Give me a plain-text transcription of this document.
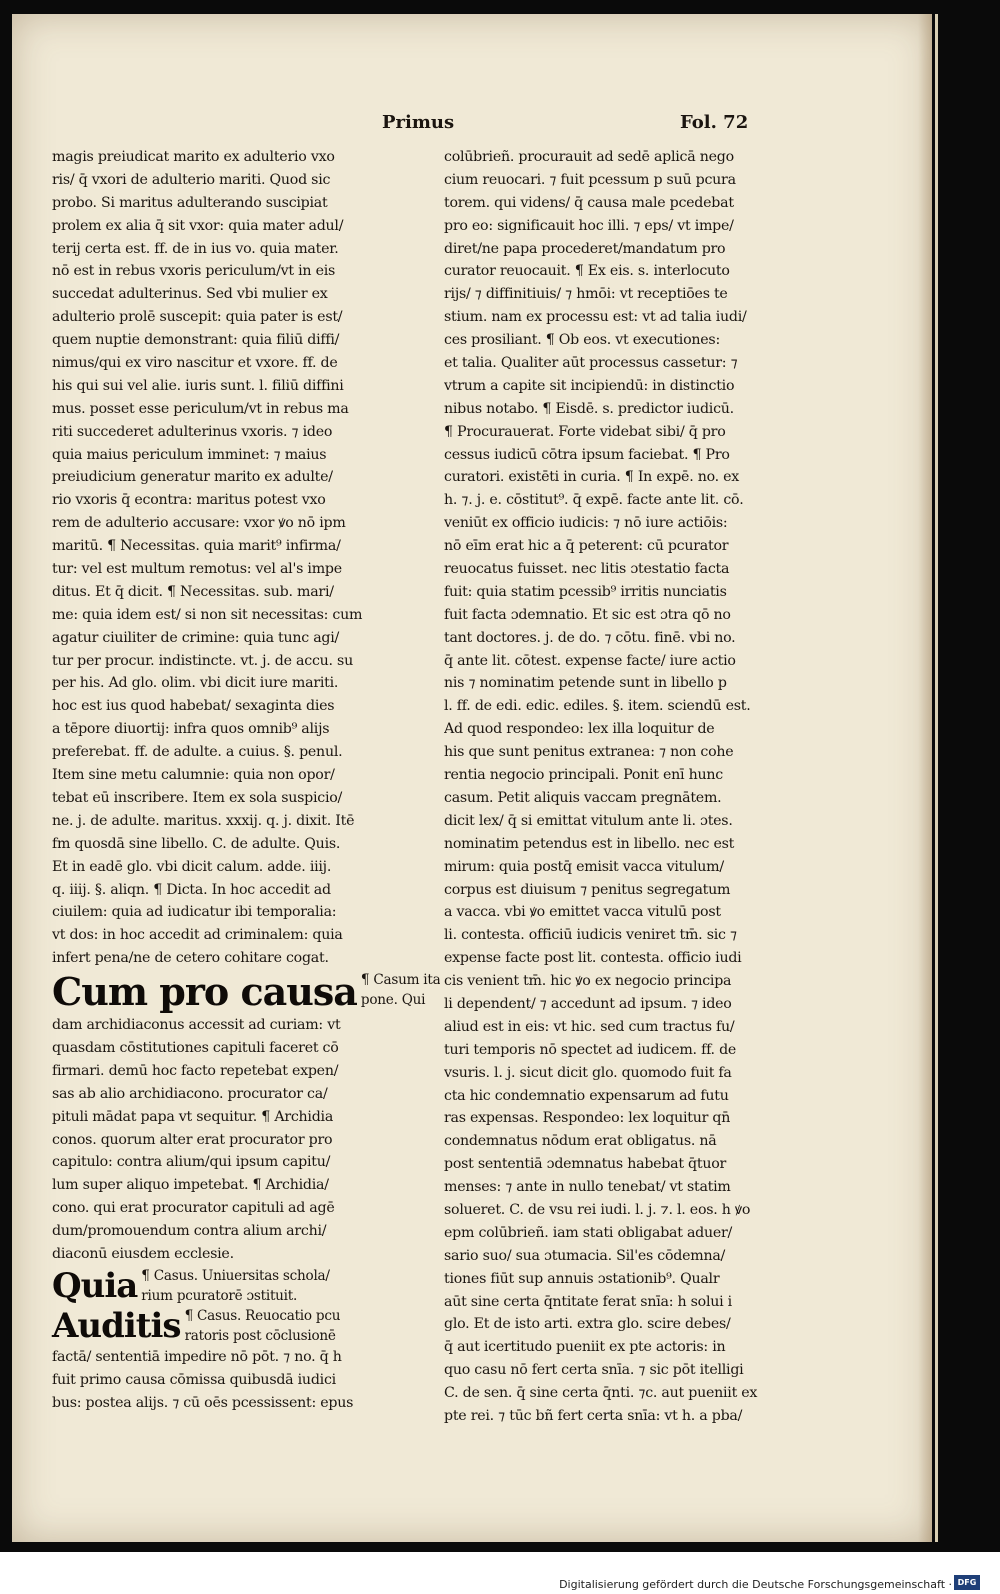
Primus	Fol. 72
magis preiudicat marito ex adulterio vxo
ris/ q̄ vxori de adulterio mariti. Quod sic
probo. Si maritus adulterando suscipiat
prolem ex alia q̄ sit vxor: quia mater adul/
terij certa est. ff. de in ius vo. quia mater.
nō est in rebus vxoris periculum/vt in eis
succedat adulterinus. Sed vbi mulier ex
adulterio prolē suscepit: quia pater is est/
quem nuptie demonstrant: quia filiū diffi/
nimus/qui ex viro nascitur et vxore. ff. de
his qui sui vel alie. iuris sunt. l. filiū diffini
mus. posset esse periculum/vt in rebus ma
riti succederet adulterinus vxoris. ⁊ ideo
quia maius periculum imminet: ⁊ maius
preiudicium generatur marito ex adulte/
rio vxoris q̄ econtra: maritus potest vxo
rem de adulterio accusare: vxor ꝟo nō ipm
maritū. ¶ Necessitas. quia marit⁹ infirma/
tur: vel est multum remotus: vel al's impe
ditus. Et q̄ dicit. ¶ Necessitas. sub. mari/
me: quia idem est/ si non sit necessitas: cum
agatur ciuiliter de crimine: quia tunc agi/
tur per procur. indistincte. vt. j. de accu. su
per his. Ad glo. olim. vbi dicit iure mariti.
hoc est ius quod habebat/ sexaginta dies
a tēpore diuortij: infra quos omnib⁹ alijs
preferebat. ff. de adulte. a cuius. §. penul.
Item sine metu calumnie: quia non opor/
tebat eū inscribere. Item ex sola suspicio/
ne. j. de adulte. maritus. xxxij. q. j. dixit. Itē
fm quosdā sine libello. C. de adulte. Quis.
Et in eadē glo. vbi dicit calum. adde. iiij.
q. iiij. §. aliqn. ¶ Dicta. In hoc accedit ad
ciuilem: quia ad iudicatur ibi temporalia:
vt dos: in hoc accedit ad criminalem: quia
infert pena/ne de cetero cohitare cogat.
Cum pro causa ¶ Casum ita
pone. Qui
dam archidiaconus accessit ad curiam: vt
quasdam cōstitutiones capituli faceret cō
firmari. demū hoc facto repetebat expen/
sas ab alio archidiacono. procurator ca/
pituli mādat papa vt sequitur. ¶ Archidia
conos. quorum alter erat procurator pro
capitulo: contra alium/qui ipsum capitu/
lum super aliquo impetebat. ¶ Archidia/
cono. qui erat procurator capituli ad agē
dum/promouendum contra alium archi/
diaconū eiusdem ecclesie.
Quia ¶ Casus. Uniuersitas schola/
rium pcuratorē ɔstituit.
Auditis ¶ Casus. Reuocatio pcu
ratoris post cōclusionē
factā/ sententiā impedire nō pōt. ⁊ no. q̄ h
fuit primo causa cōmissa quibusdā iudici
bus: postea alijs. ⁊ cū oēs pcessissent: epus
colūbrieñ. procurauit ad sedē aplicā nego
cium reuocari. ⁊ fuit pcessum p suū pcura
torem. qui videns/ q̄ causa male pcedebat
pro eo: significauit hoc illi. ⁊ eps/ vt impe/
diret/ne papa procederet/mandatum pro
curator reuocauit. ¶ Ex eis. s. interlocuto
rijs/ ⁊ diffinitiuis/ ⁊ hmōi: vt receptiōes te
stium. nam ex processu est: vt ad talia iudi/
ces prosiliant. ¶ Ob eos. vt executiones:
et talia. Qualiter aūt processus cassetur: ⁊
vtrum a capite sit incipiendū: in distinctio
nibus notabo. ¶ Eisdē. s. predictor iudicū.
¶ Procurauerat. Forte videbat sibi/ q̄ pro
cessus iudicū cōtra ipsum faciebat. ¶ Pro
curatori. existēti in curia. ¶ In expē. no. ex
h. ⁊. j. e. cōstitut⁹. q̄ expē. facte ante lit. cō.
veniūt ex officio iudicis: ⁊ nō iure actiōis:
nō eīm erat hic a q̄ peterent: cū pcurator
reuocatus fuisset. nec litis ɔtestatio facta
fuit: quia statim pcessib⁹ irritis nunciatis
fuit facta ɔdemnatio. Et sic est ɔtra qō no
tant doctores. j. de do. ⁊ cōtu. finē. vbi no.
q̄ ante lit. cōtest. expense facte/ iure actio
nis ⁊ nominatim petende sunt in libello p
l. ff. de edi. edic. ediles. §. item. sciendū est.
Ad quod respondeo: lex illa loquitur de
his que sunt penitus extranea: ⁊ non cohe
rentia negocio principali. Ponit enī hunc
casum. Petit aliquis vaccam pregnātem.
dicit lex/ q̄ si emittat vitulum ante li. ɔtes.
nominatim petendus est in libello. nec est
mirum: quia postq̄ emisit vacca vitulum/
corpus est diuisum ⁊ penitus segregatum
a vacca. vbi ꝟo emittet vacca vitulū post
li. contesta. officiū iudicis veniret tm̄. sic ⁊
expense facte post lit. contesta. officio iudi
cis venient tm̄. hic ꝟo ex negocio principa
li dependent/ ⁊ accedunt ad ipsum. ⁊ ideo
aliud est in eis: vt hic. sed cum tractus fu/
turi temporis nō spectet ad iudicem. ff. de
vsuris. l. j. sicut dicit glo. quomodo fuit fa
cta hic condemnatio expensarum ad futu
ras expensas. Respondeo: lex loquitur qn̄
condemnatus nōdum erat obligatus. nā
post sententiā ɔdemnatus habebat q̄tuor
menses: ⁊ ante in nullo tenebat/ vt statim
solueret. C. de vsu rei iudi. l. j. ⁊. l. eos. h ꝟo
epm colūbrieñ. iam stati obligabat aduer/
sario suo/ sua ɔtumacia. Sil'es cōdemna/
tiones fiūt sup annuis ɔstationib⁹. Qualr
aūt sine certa q̄ntitate ferat snīa: h solui i
glo. Et de isto arti. extra glo. scire debes/
q̄ aut icertitudo pueniit ex pte actoris: in
quo casu nō fert certa snīa. ⁊ sic pōt itelligi
C. de sen. q̄ sine certa q̄nti. ⁊c. aut pueniit ex
pte rei. ⁊ tūc bñ fert certa snīa: vt h. a pba/
Digitalisierung gefördert durch die Deutsche Forschungsgemeinschaft · DFG
